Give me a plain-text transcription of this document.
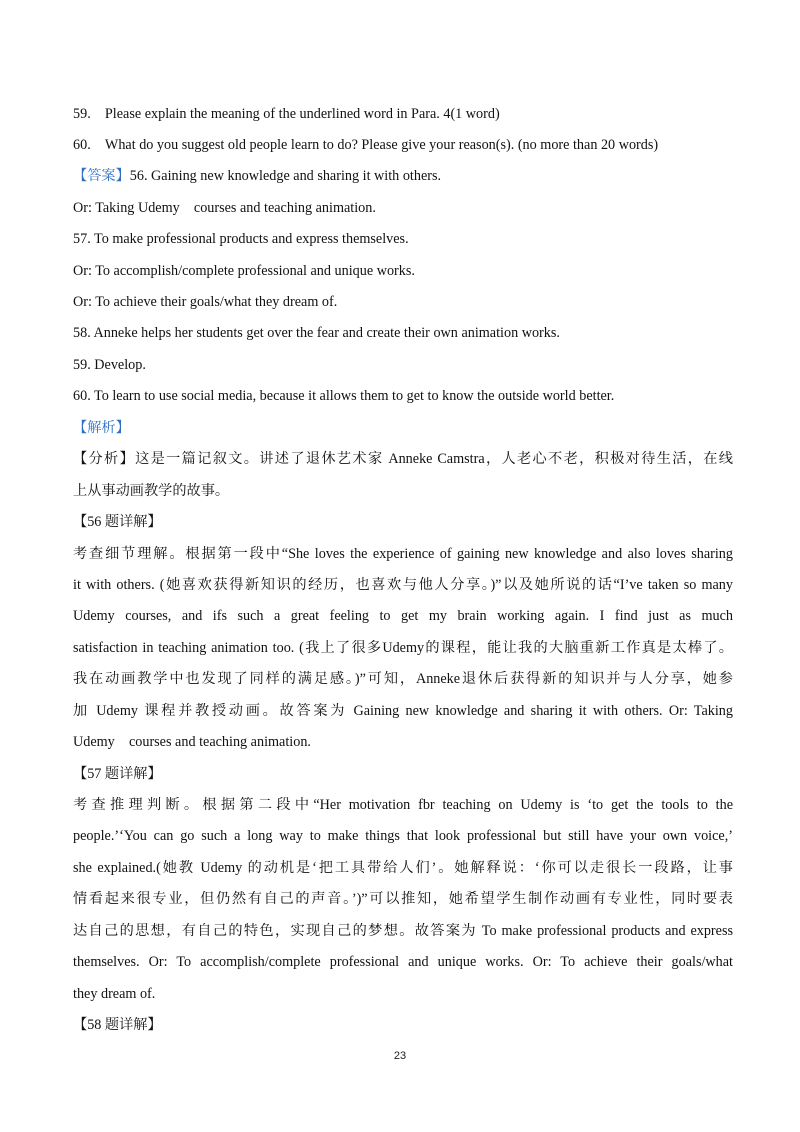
59. Please explain the meaning of the underlined word in Para. 4(1 word)
60. What do you suggest old people learn to do? Please give your reason(s). (no more than 20 words)
【答案】56. Gaining new knowledge and sharing it with others.
Or: Taking Udemy courses and teaching animation.
57. To make professional products and express themselves.
Or: To accomplish/complete professional and unique works.
Or: To achieve their goals/what they dream of.
58. Anneke helps her students get over the fear and create their own animation works.
59. Develop.
60. To learn to use social media, because it allows them to get to know the outside world better.
【解析】
【分析】这是一篇记叙文。讲述了退休艺术家 Anneke Camstra，人老心不老，积极对待生活，在线
上从事动画教学的故事。
【56 题详解】
考查细节理解。根据第一段中“She loves the experience of gaining new knowledge and also loves sharing
it with others. (她喜欢获得新知识的经历，也喜欢与他人分享。)”以及她所说的话“I’ve taken so many
Udemy courses, and ifs such a great feeling to get my brain working again. I find just as much
satisfaction in teaching animation too. (我上了很多Udemy的课程，能让我的大脑重新工作真是太棒了。
我在动画教学中也发现了同样的满足感。)”可知，Anneke退休后获得新的知识并与人分享，她参
加 Udemy 课程并教授动画。故答案为 Gaining new knowledge and sharing it with others. Or: Taking
Udemy courses and teaching animation.
【57 题详解】
考查推理判断。根据第二段中“Her motivation fbr teaching on Udemy is ‘to get the tools to the
people.’‘You can go such a long way to make things that look professional but still have your own voice,’
she explained.(她教 Udemy 的动机是‘把工具带给人们’。她解释说：‘你可以走很长一段路，让事
情看起来很专业，但仍然有自己的声音。’)”可以推知，她希望学生制作动画有专业性，同时要表
达自己的思想，有自己的特色，实现自己的梦想。故答案为 To make professional products and express
themselves. Or: To accomplish/complete professional and unique works. Or: To achieve their goals/what
they dream of.
【58 题详解】
23
